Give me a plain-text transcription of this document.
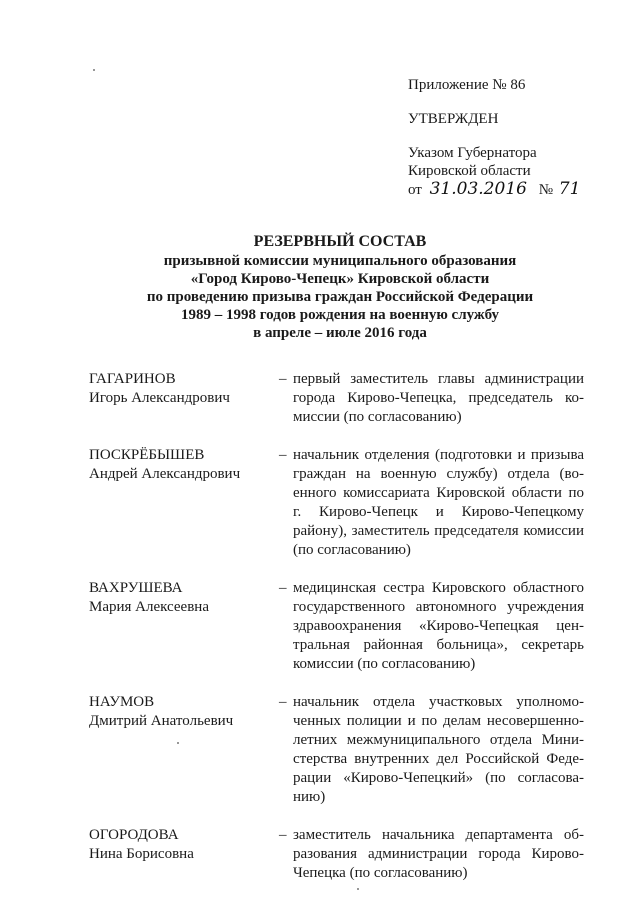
Приложение № 86
УТВЕРЖДЕН
Указом Губернатора
Кировской области
от 31.03.2016 № 71
РЕЗЕРВНЫЙ СОСТАВ
призывной комиссии муниципального образования
«Город Кирово-Чепецк» Кировской области
по проведению призыва граждан Российской Федерации
1989 – 1998 годов рождения на военную службу
в апреле – июле 2016 года
ГАГАРИНОВ
Игорь Александрович
– первый заместитель главы администрации города Кирово-Чепецка, председатель комиссии (по согласованию)
ПОСКРЁБЫШЕВ
Андрей Александрович
– начальник отделения (подготовки и призыва граждан на военную службу) отдела (военного комиссариата Кировской области по г. Кирово-Чепецк и Кирово-Чепецкому району), заместитель председателя комиссии (по согласованию)
ВАХРУШЕВА
Мария Алексеевна
– медицинская сестра Кировского областного государственного автономного учреждения здравоохранения «Кирово-Чепецкая центральная районная больница», секретарь комиссии (по согласованию)
НАУМОВ
Дмитрий Анатольевич
– начальник отдела участковых уполномоченных полиции и по делам несовершеннолетних межмуниципального отдела Министерства внутренних дел Российской Федерации «Кирово-Чепецкий» (по согласованию)
ОГОРОДОВА
Нина Борисовна
– заместитель начальника департамента образования администрации города Кирово-Чепецка (по согласованию)
